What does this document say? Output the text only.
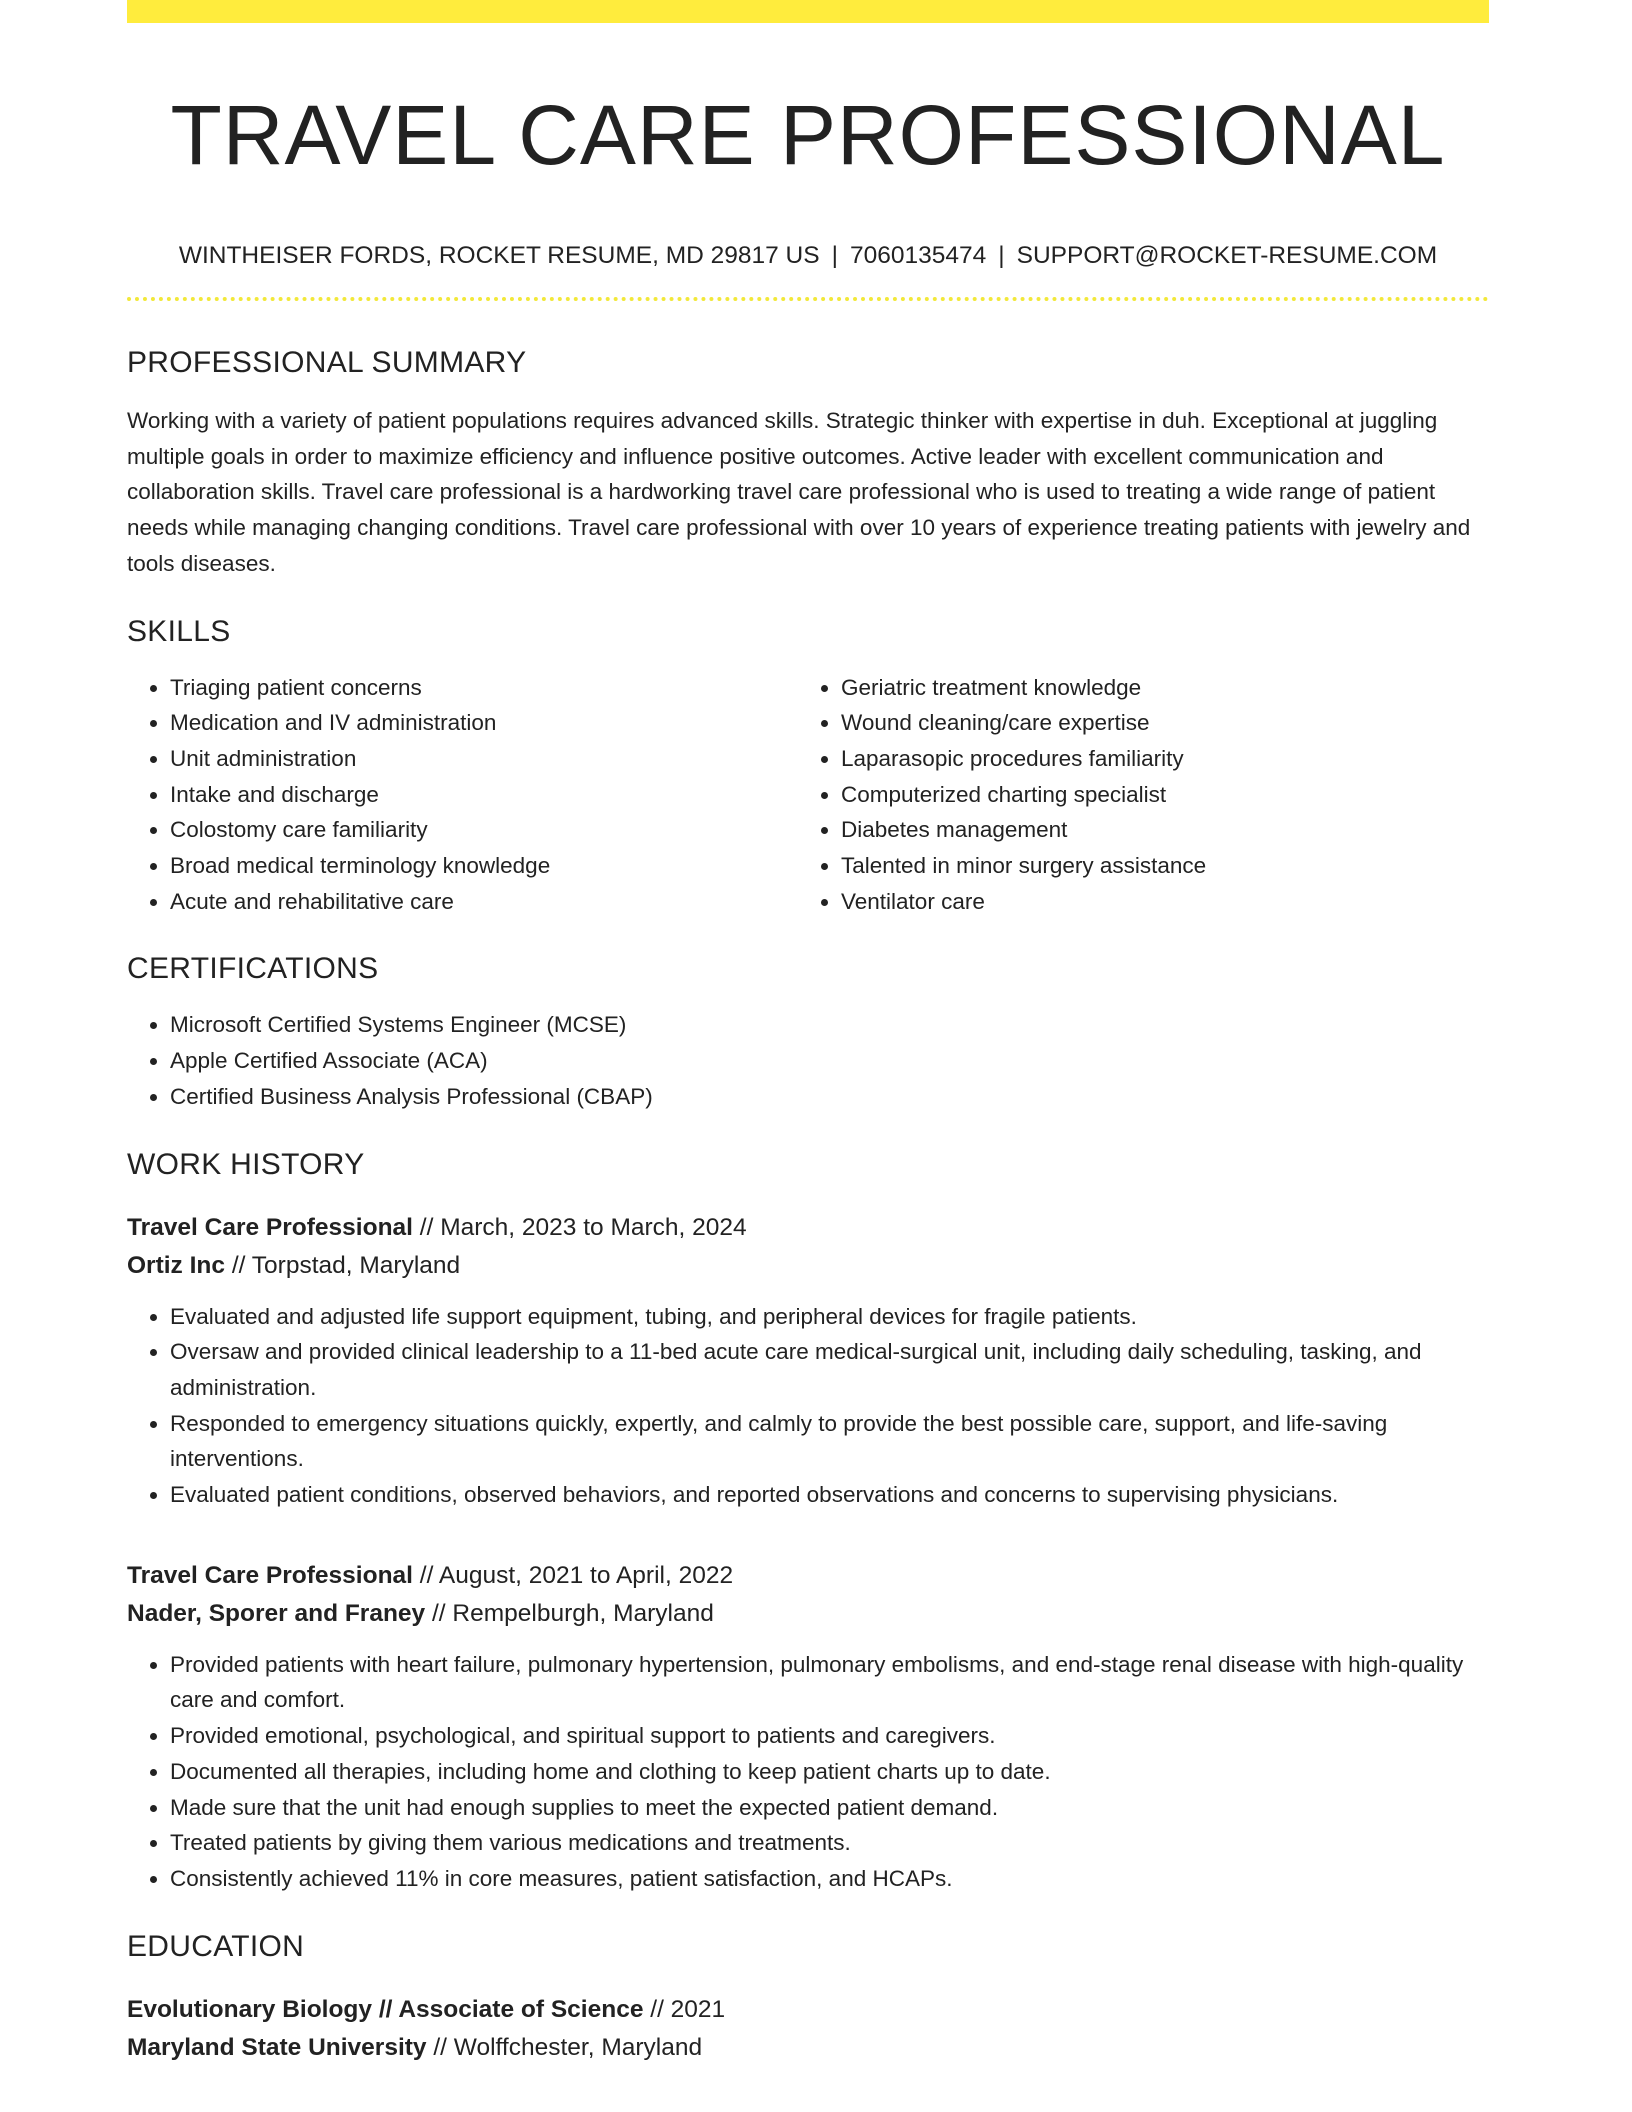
TRAVEL CARE PROFESSIONAL
WINTHEISER FORDS, ROCKET RESUME, MD 29817 US | 7060135474 | SUPPORT@ROCKET-RESUME.COM
PROFESSIONAL SUMMARY
Working with a variety of patient populations requires advanced skills. Strategic thinker with expertise in duh. Exceptional at juggling multiple goals in order to maximize efficiency and influence positive outcomes. Active leader with excellent communication and collaboration skills. Travel care professional is a hardworking travel care professional who is used to treating a wide range of patient needs while managing changing conditions. Travel care professional with over 10 years of experience treating patients with jewelry and tools diseases.
SKILLS
• Triaging patient concerns
• Medication and IV administration
• Unit administration
• Intake and discharge
• Colostomy care familiarity
• Broad medical terminology knowledge
• Acute and rehabilitative care
• Geriatric treatment knowledge
• Wound cleaning/care expertise
• Laparasopic procedures familiarity
• Computerized charting specialist
• Diabetes management
• Talented in minor surgery assistance
• Ventilator care
CERTIFICATIONS
• Microsoft Certified Systems Engineer (MCSE)
• Apple Certified Associate (ACA)
• Certified Business Analysis Professional (CBAP)
WORK HISTORY
Travel Care Professional // March, 2023 to March, 2024
Ortiz Inc // Torpstad, Maryland
• Evaluated and adjusted life support equipment, tubing, and peripheral devices for fragile patients.
• Oversaw and provided clinical leadership to a 11-bed acute care medical-surgical unit, including daily scheduling, tasking, and administration.
• Responded to emergency situations quickly, expertly, and calmly to provide the best possible care, support, and life-saving interventions.
• Evaluated patient conditions, observed behaviors, and reported observations and concerns to supervising physicians.
Travel Care Professional // August, 2021 to April, 2022
Nader, Sporer and Franey // Rempelburgh, Maryland
• Provided patients with heart failure, pulmonary hypertension, pulmonary embolisms, and end-stage renal disease with high-quality care and comfort.
• Provided emotional, psychological, and spiritual support to patients and caregivers.
• Documented all therapies, including home and clothing to keep patient charts up to date.
• Made sure that the unit had enough supplies to meet the expected patient demand.
• Treated patients by giving them various medications and treatments.
• Consistently achieved 11% in core measures, patient satisfaction, and HCAPs.
EDUCATION
Evolutionary Biology // Associate of Science // 2021
Maryland State University // Wolffchester, Maryland
